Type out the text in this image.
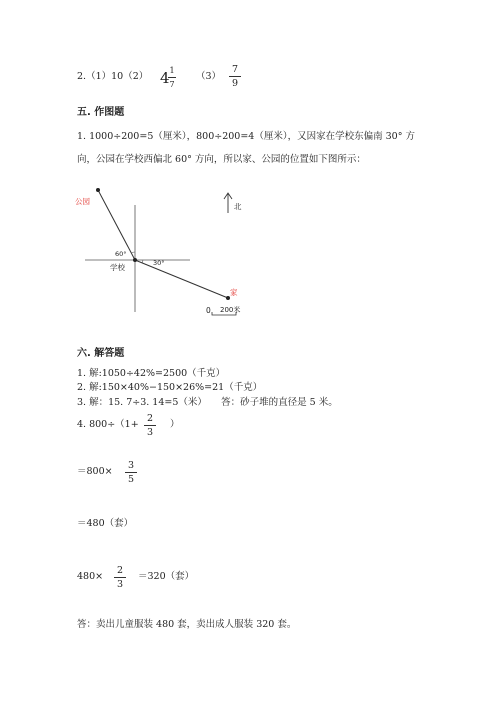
2.（1）10（2） 4 1
7
（3）
7
9
五. 作图题
1. 1000÷200=5（厘米），800÷200=4（厘米），又因家在学校东偏南 30° 方
向，公园在学校西偏北 60° 方向，所以家、公园的位置如下图所示：
公园
学校
家
北
60°
30°
0 200米
六. 解答题
1. 解:1050÷42%=2500（千克）
2. 解:150×40%−150×26%=21（千克）
3. 解：15. 7÷3. 14=5（米）　　答：砂子堆的直径是 5 米。
4. 800÷（1+
2
3
）
＝800×
3
5
＝480（套）
480×
2
3
＝320（套）
答：卖出儿童服装 480 套，卖出成人服装 320 套。
